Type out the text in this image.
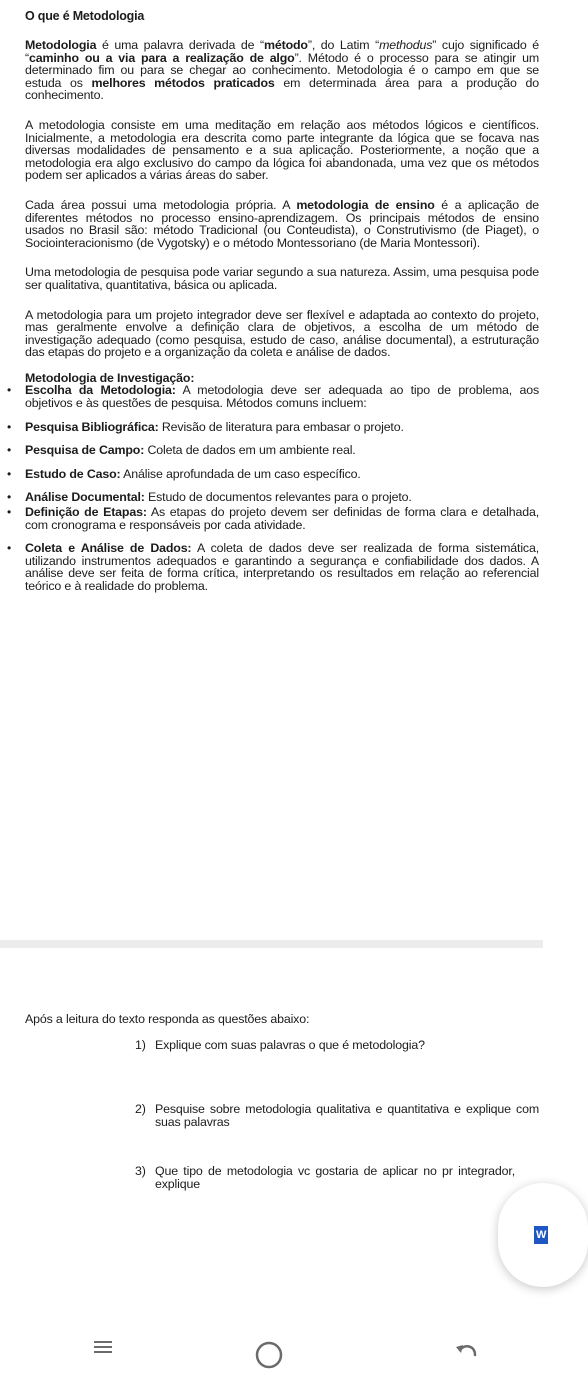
O que é Metodologia

Metodologia é uma palavra derivada de “método”, do Latim “methodus” cujo significado é “caminho ou a via para a realização de algo”. Método é o processo para se atingir um determinado fim ou para se chegar ao conhecimento. Metodologia é o campo em que se estuda os melhores métodos praticados em determinada área para a produção do conhecimento.

A metodologia consiste em uma meditação em relação aos métodos lógicos e científicos. Inicialmente, a metodologia era descrita como parte integrante da lógica que se focava nas diversas modalidades de pensamento e a sua aplicação. Posteriormente, a noção que a metodologia era algo exclusivo do campo da lógica foi abandonada, uma vez que os métodos podem ser aplicados a várias áreas do saber.

Cada área possui uma metodologia própria. A metodologia de ensino é a aplicação de diferentes métodos no processo ensino-aprendizagem. Os principais métodos de ensino usados no Brasil são: método Tradicional (ou Conteudista), o Construtivismo (de Piaget), o Sociointeracionismo (de Vygotsky) e o método Montessoriano (de Maria Montessori).

Uma metodologia de pesquisa pode variar segundo a sua natureza. Assim, uma pesquisa pode ser qualitativa, quantitativa, básica ou aplicada.

A metodologia para um projeto integrador deve ser flexível e adaptada ao contexto do projeto, mas geralmente envolve a definição clara de objetivos, a escolha de um método de investigação adequado (como pesquisa, estudo de caso, análise documental), a estruturação das etapas do projeto e a organização da coleta e análise de dados.

Metodologia de Investigação:
• Escolha da Metodologia: A metodologia deve ser adequada ao tipo de problema, aos objetivos e às questões de pesquisa. Métodos comuns incluem:
• Pesquisa Bibliográfica: Revisão de literatura para embasar o projeto.
• Pesquisa de Campo: Coleta de dados em um ambiente real.
• Estudo de Caso: Análise aprofundada de um caso específico.
• Análise Documental: Estudo de documentos relevantes para o projeto.
• Definição de Etapas: As etapas do projeto devem ser definidas de forma clara e detalhada, com cronograma e responsáveis por cada atividade.
• Coleta e Análise de Dados: A coleta de dados deve ser realizada de forma sistemática, utilizando instrumentos adequados e garantindo a segurança e confiabilidade dos dados. A análise deve ser feita de forma crítica, interpretando os resultados em relação ao referencial teórico e à realidade do problema.
Após a leitura do texto responda as questões abaixo:
1) Explique com suas palavras o que é metodologia?
2) Pesquise sobre metodologia qualitativa e quantitativa e explique com suas palavras
3) Que tipo de metodologia vc gostaria de aplicar no pr integrador, explique
W
